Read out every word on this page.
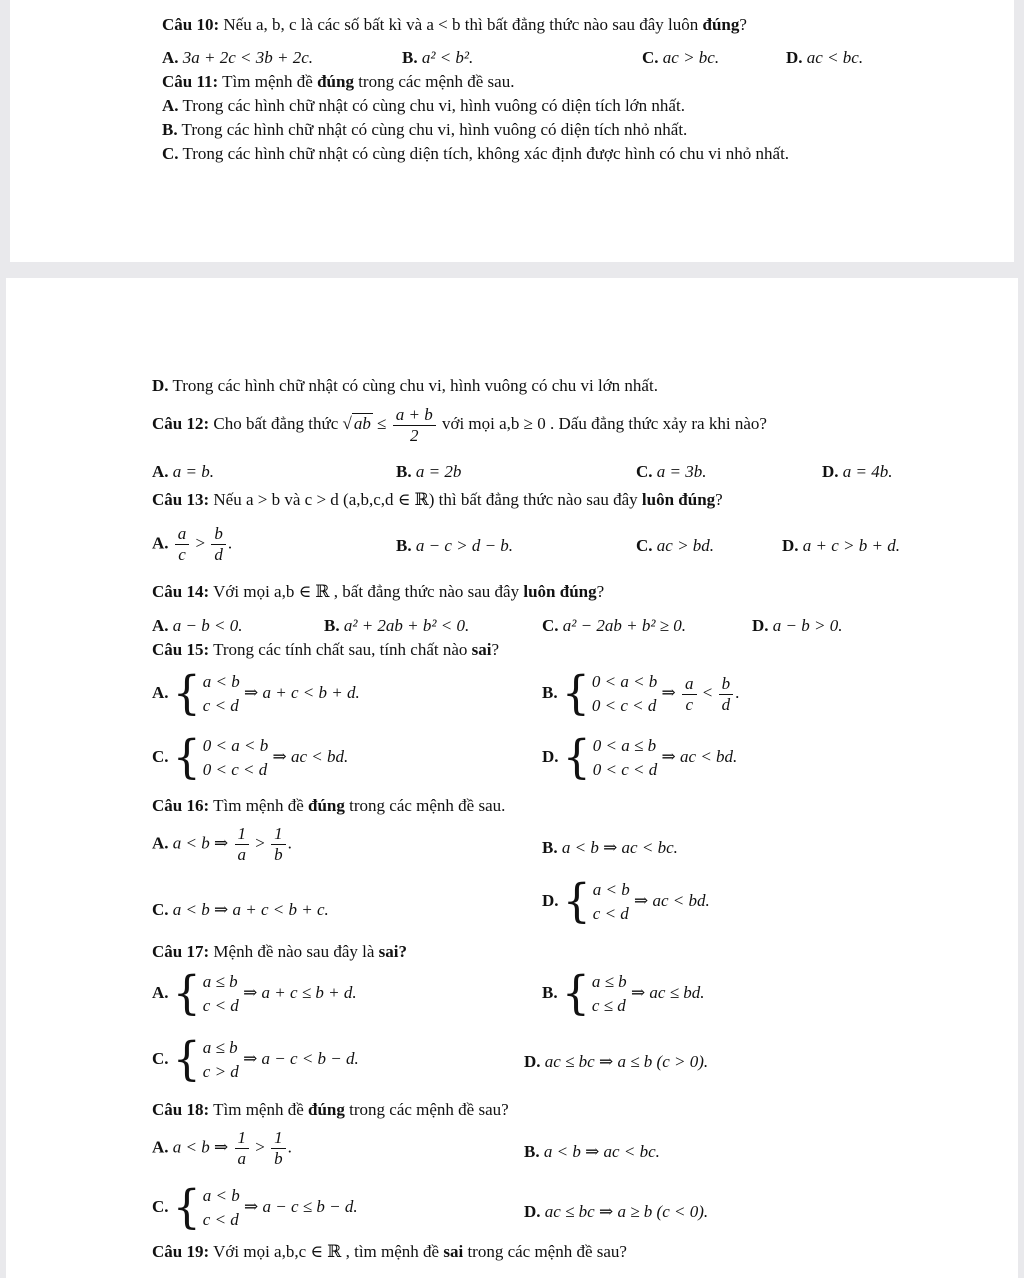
Câu 10: Nếu a, b, c là các số bất kì và a < b thì bất đẳng thức nào sau đây luôn đúng?
A. 3a + 2c < 3b + 2c.	B. a² < b².	C. ac > bc.	D. ac < bc.
Câu 11: Tìm mệnh đề đúng trong các mệnh đề sau.
A. Trong các hình chữ nhật có cùng chu vi, hình vuông có diện tích lớn nhất.
B. Trong các hình chữ nhật có cùng chu vi, hình vuông có diện tích nhỏ nhất.
C. Trong các hình chữ nhật có cùng diện tích, không xác định được hình có chu vi nhỏ nhất.
D. Trong các hình chữ nhật có cùng chu vi, hình vuông có chu vi lớn nhất.
Câu 12: Cho bất đẳng thức √ ab ≤ $\frac{a + b}{2}$ với mọi a,b ≥ 0 . Dấu đẳng thức xảy ra khi nào?
A. a = b.	B. a = 2b	C. a = 3b.	D. a = 4b.
Câu 13: Nếu a > b và c > d (a,b,c,d ∈ ℝ) thì bất đẳng thức nào sau đây luôn đúng?
A. $\frac{a}{c} > \frac{b}{d}$ .	B. a − c > d − b.	C. ac > bd.	D. a + c > b + d.
Câu 14: Với mọi a,b ∈ ℝ , bất đẳng thức nào sau đây luôn đúng?
A. a − b < 0.	B. a² + 2ab + b² < 0.	C. a² − 2ab + b² ≥ 0.	D. a − b > 0.
Câu 15: Trong các tính chất sau, tính chất nào sai?
A. { a < b
c < d
⇒ a + c < b + d.	B. { 0 < a < b
0 < c < d
⇒ $\frac{a}{c} < \frac{b}{d}$ .
C. { 0 < a < b
0 < c < d
⇒ ac < bd.	D. { 0 < a ≤ b
0 < c < d
⇒ ac < bd.
Câu 16: Tìm mệnh đề đúng trong các mệnh đề sau.
A. a < b ⇒ $\frac{1}{a} > \frac{1}{b}$ .	B. a < b ⇒ ac < bc.
C. a < b ⇒ a + c < b + c.	D. { a < b
c < d
⇒ ac < bd.
Câu 17: Mệnh đề nào sau đây là sai?
A. { a ≤ b
c < d
⇒ a + c ≤ b + d.	B. { a ≤ b
c ≤ d
⇒ ac ≤ bd.
C. { a ≤ b
c > d
⇒ a − c < b − d.	D. ac ≤ bc ⇒ a ≤ b (c > 0).
Câu 18: Tìm mệnh đề đúng trong các mệnh đề sau?
A. a < b ⇒ $\frac{1}{a} > \frac{1}{b}$ .	B. a < b ⇒ ac < bc.
C. { a < b
c < d
⇒ a − c ≤ b − d.	D. ac ≤ bc ⇒ a ≥ b (c < 0).
Câu 19: Với mọi a,b,c ∈ ℝ , tìm mệnh đề sai trong các mệnh đề sau?
